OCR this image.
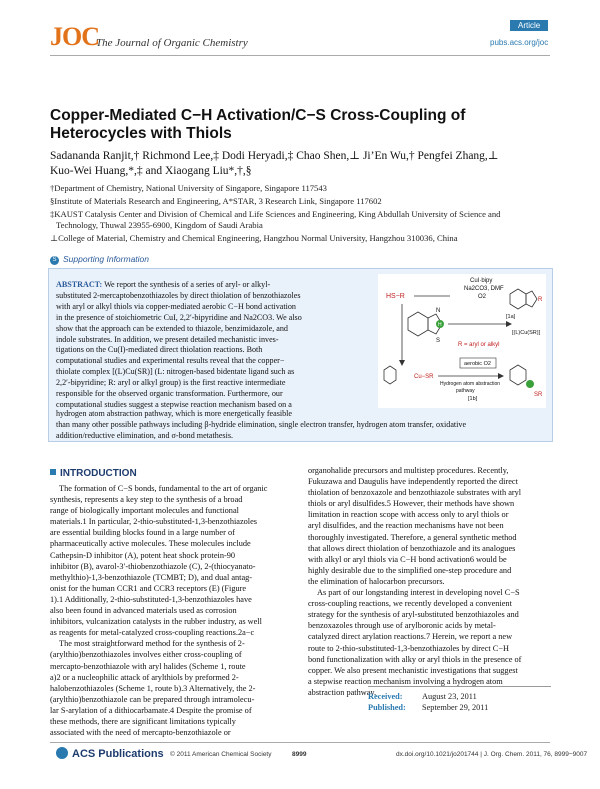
JOC
The Journal of Organic Chemistry
Article
pubs.acs.org/joc
Copper-Mediated C−H Activation/C−S Cross-Coupling of
Heterocycles with Thiols
Sadananda Ranjit,† Richmond Lee,‡ Dodi Heryadi,‡ Chao Shen,⊥ Ji’En Wu,† Pengfei Zhang,⊥
Kuo-Wei Huang,*,‡ and Xiaogang Liu*,†,§
†Department of Chemistry, National University of Singapore, Singapore 117543
§Institute of Materials Research and Engineering, A*STAR, 3 Research Link, Singapore 117602
‡KAUST Catalysis Center and Division of Chemical and Life Sciences and Engineering, King Abdullah University of Science and
Technology, Thuwal 23955-6900, Kingdom of Saudi Arabia
⊥College of Material, Chemistry and Chemical Engineering, Hangzhou Normal University, Hangzhou 310036, China
S Supporting Information
ABSTRACT: We report the synthesis of a series of aryl- or alkyl-
substituted 2-mercaptobenzothiazoles by direct thiolation of benzothiazoles
with aryl or alkyl thiols via copper-mediated aerobic C−H bond activation
in the presence of stoichiometric CuI, 2,2′-bipyridine and Na2CO3. We also
show that the approach can be extended to thiazole, benzimidazole, and
indole substrates. In addition, we present detailed mechanistic inves-
tigations on the Cu(I)-mediated direct thiolation reactions. Both
computational studies and experimental results reveal that the copper−
thiolate complex [(L)Cu(SR)] (L: nitrogen-based bidentate ligand such as
2,2′-bipyridine; R: aryl or alkyl group) is the first reactive intermediate
responsible for the observed organic transformation. Furthermore, our
computational studies suggest a stepwise reaction mechanism based on a
hydrogen atom abstraction pathway, which is more energetically feasible
than many other possible pathways including β-hydride elimination, single electron transfer, hydrogen atom transfer, oxidative
addition/reductive elimination, and σ-bond metathesis.
HS−R
CuI·bipy
Na2CO3, DMF
O2
N
S
R
[1a]
[(L)Cu(SR)]
H
R = aryl or alkyl
Cu−SR
aerobic O2
Hydrogen atom abstraction
pathway
[1b]
SR
INTRODUCTION

The formation of C−S bonds, fundamental to the art of organic

synthesis, represents a key step to the synthesis of a broad

range of biologically important molecules and functional

materials.1 In particular, 2-thio-substituted-1,3-benzothiazoles

are essential building blocks found in a large number of

pharmaceutically active molecules. These molecules include

Cathepsin-D inhibitor (A), potent heat shock protein-90

inhibitor (B), avarol-3′-thiobenzothiazole (C), 2-(thiocyanato-

methylthio)-1,3-benzothiazole (TCMBT; D), and dual antag-

onist for the human CCR1 and CCR3 receptors (E) (Figure

1).1 Additionally, 2-thio-substituted-1,3-benzothiazoles have

also been found in advanced materials used as corrosion

inhibitors, vulcanization catalysts in the rubber industry, as well

as reagents for metal-catalyzed cross-coupling reactions.2a−c

The most straightforward method for the synthesis of 2-

(arylthio)benzothiazoles involves either cross-coupling of

mercapto-benzothiazole with aryl halides (Scheme 1, route

a)2 or a nucleophilic attack of arylthiols by preformed 2-

halobenzothiazoles (Scheme 1, route b).3 Alternatively, the 2-

(arylthio)benzothiazole can be prepared through intramolecu-

lar S-arylation of a dithiocarbamate.4 Despite the promise of

these methods, there are significant limitations typically

associated with the need of mercapto-benzothiazole or

organohalide precursors and multistep procedures. Recently,

Fukuzawa and Daugulis have independently reported the direct

thiolation of benzoxazole and benzothiazole substrates with aryl

thiols or aryl disulfides.5 However, their methods have shown

limitation in reaction scope with access only to aryl thiols or

aryl disulfides, and the reaction mechanisms have not been

thoroughly investigated. Therefore, a general synthetic method

that allows direct thiolation of benzothiazole and its analogues

with alkyl or aryl thiols via C−H bond activation6 would be

highly desirable due to the simplified one-step procedure and

the elimination of halocarbon precursors.

As part of our longstanding interest in developing novel C−S

cross-coupling reactions, we recently developed a convenient

strategy for the synthesis of aryl-substituted benzothiazoles and

benzoxazoles through use of arylboronic acids by metal-

catalyzed direct arylation reactions.7 Herein, we report a new

route to 2-thio-substituted-1,3-benzothiazoles by direct C−H

bond functionalization with alky or aryl thiols in the presence of

copper. We also present mechanistic investigations that suggest

a stepwise reaction mechanism involving a hydrogen atom

abstraction pathway.

Received: August 23, 2011
Published: September 29, 2011
ACS Publications © 2011 American Chemical Society	8999	dx.doi.org/10.1021/jo201744 | J. Org. Chem. 2011, 76, 8999−9007
